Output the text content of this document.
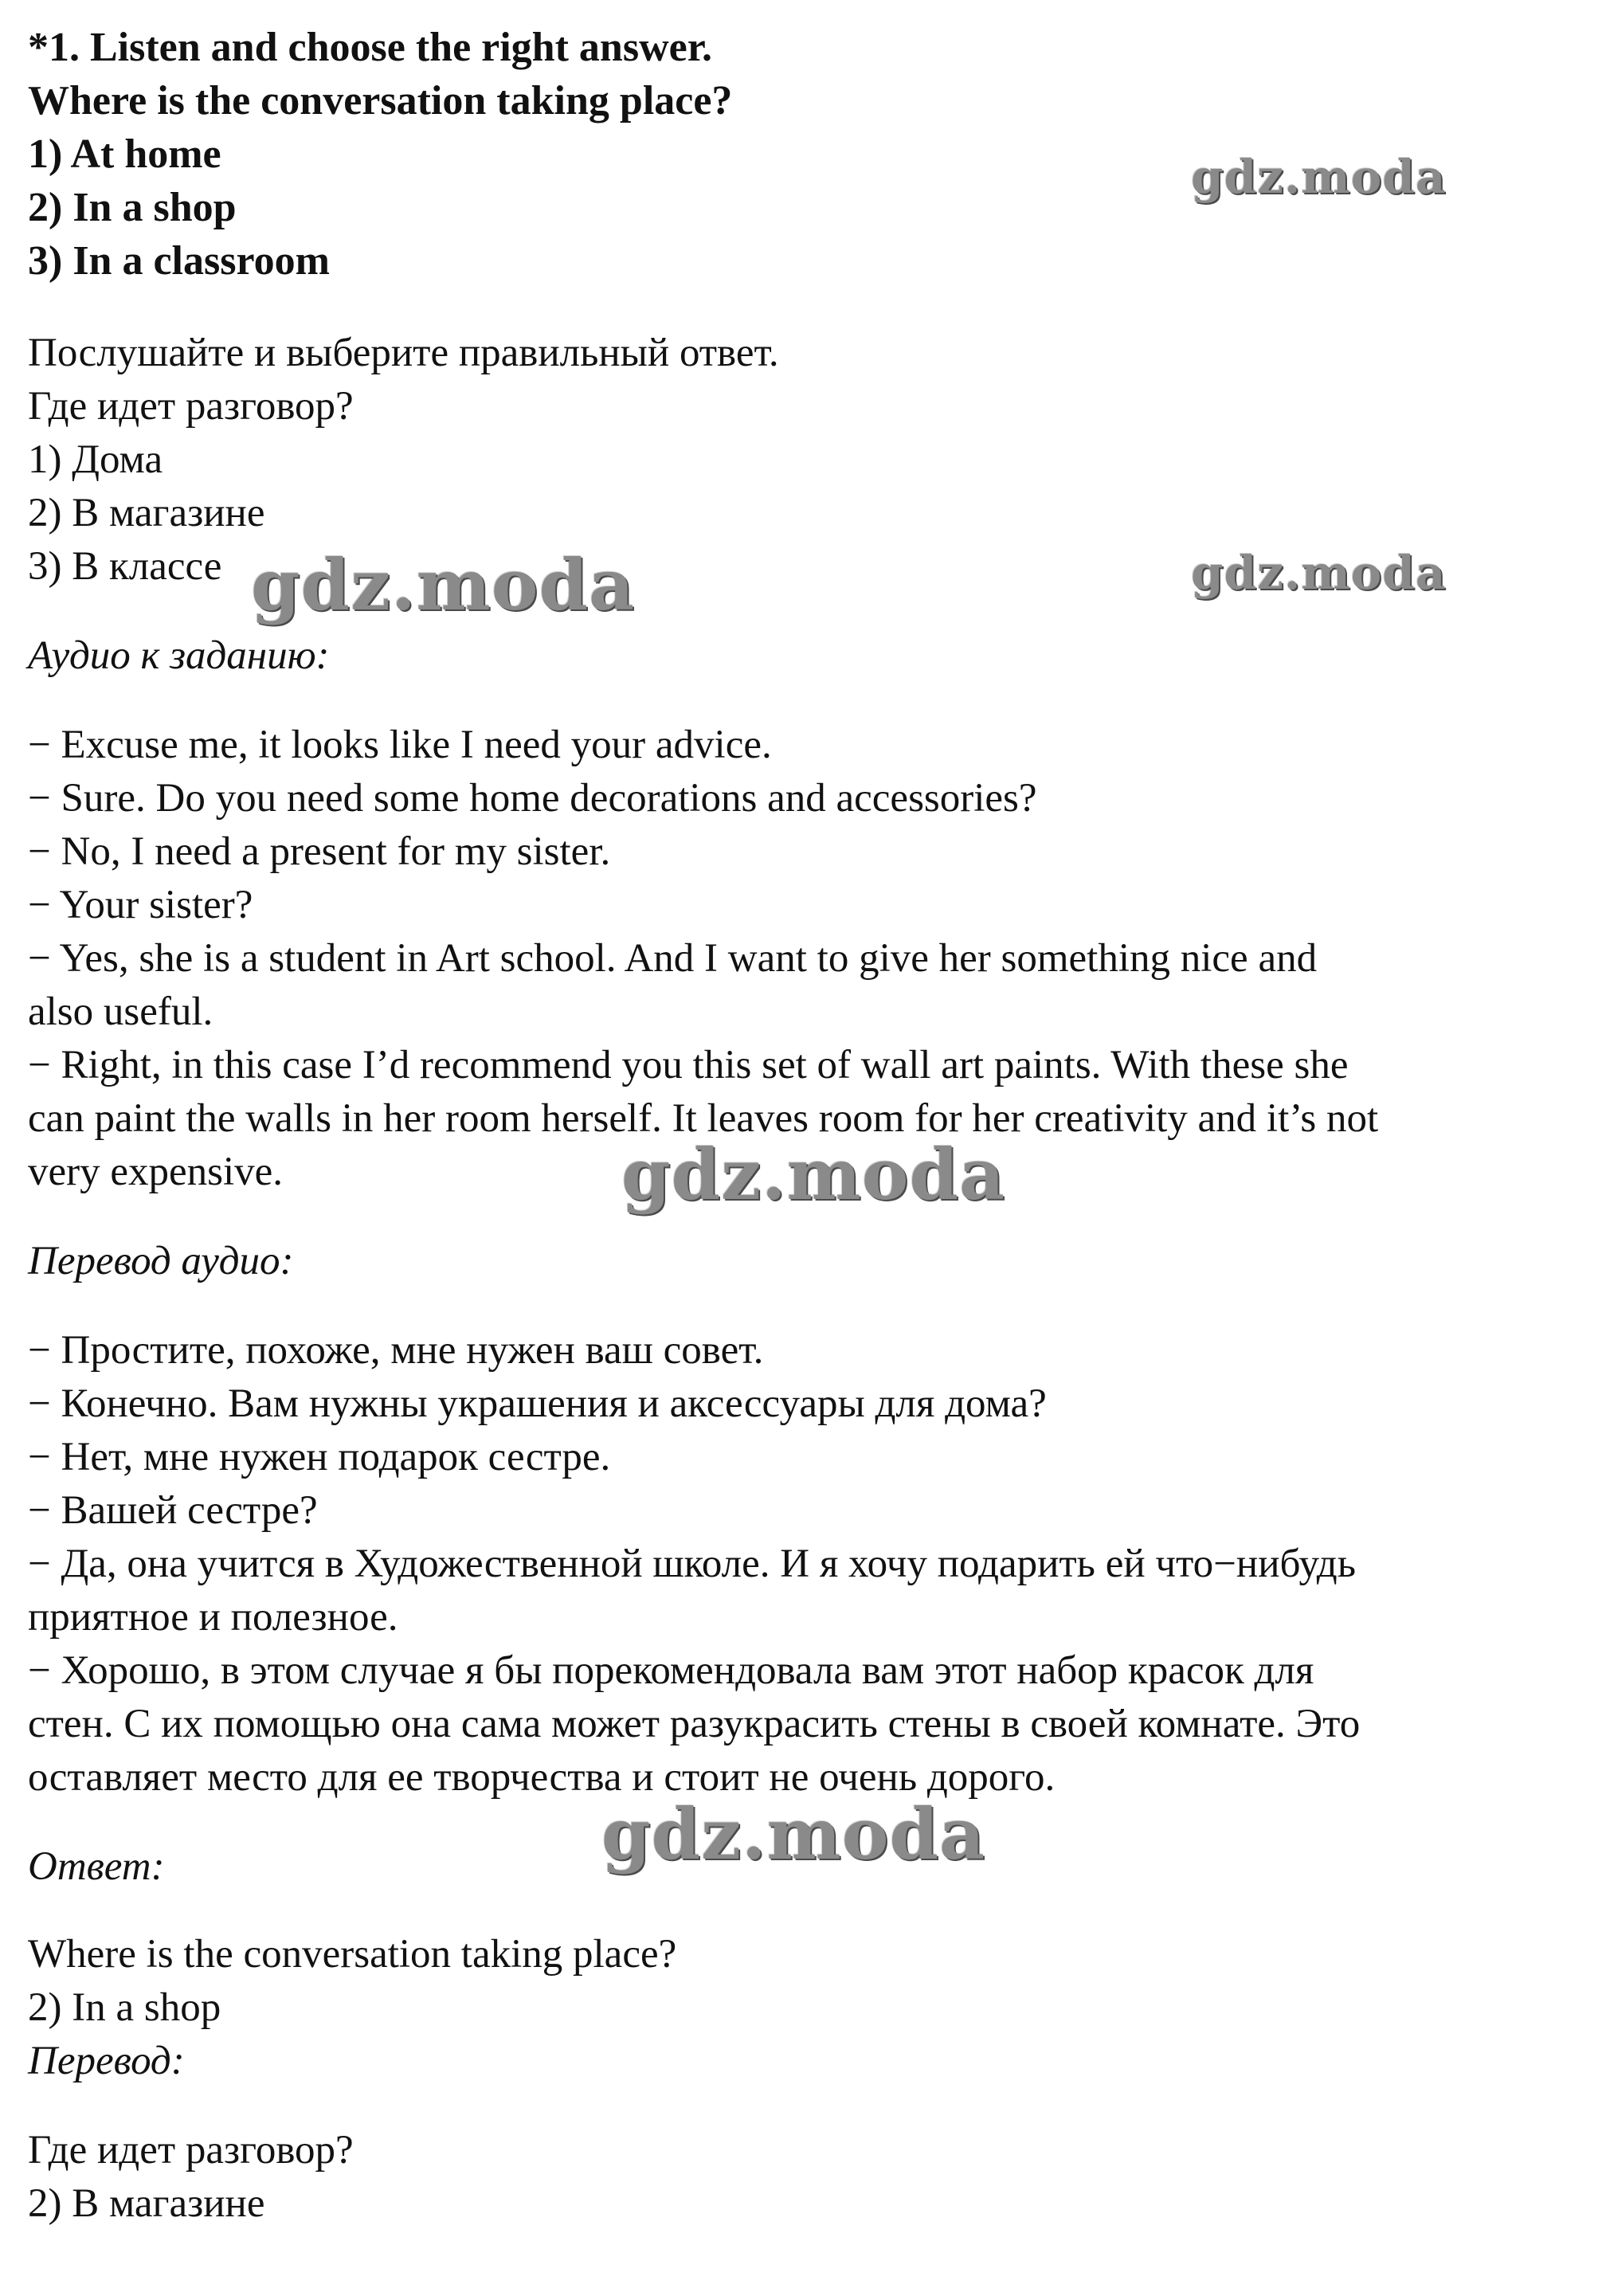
*1. Listen and choose the right answer.
Where is the conversation taking place?
1) At home
2) In a shop
3) In a classroom
Послушайте и выберите правильный ответ.
Где идет разговор?
1) Дома
2) В магазине
3) В классе
Аудио к заданию:
− Excuse me, it looks like I need your advice.
− Sure. Do you need some home decorations and accessories?
− No, I need a present for my sister.
− Your sister?
− Yes, she is a student in Art school. And I want to give her something nice and
also useful.
− Right, in this case I’d recommend you this set of wall art paints. With these she
can paint the walls in her room herself. It leaves room for her creativity and it’s not
very expensive.
Перевод аудио:
− Простите, похоже, мне нужен ваш совет.
− Конечно. Вам нужны украшения и аксессуары для дома?
− Нет, мне нужен подарок сестре.
− Вашей сестре?
− Да, она учится в Художественной школе. И я хочу подарить ей что−нибудь
приятное и полезное.
− Хорошо, в этом случае я бы порекомендовала вам этот набор красок для
стен. С их помощью она сама может разукрасить стены в своей комнате. Это
оставляет место для ее творчества и стоит не очень дорого.
Ответ:
Where is the conversation taking place?
2) In a shop
Перевод:
Где идет разговор?
2) В магазине
gdz.moda
gdz.moda
gdz.moda
gdz.moda
gdz.moda
